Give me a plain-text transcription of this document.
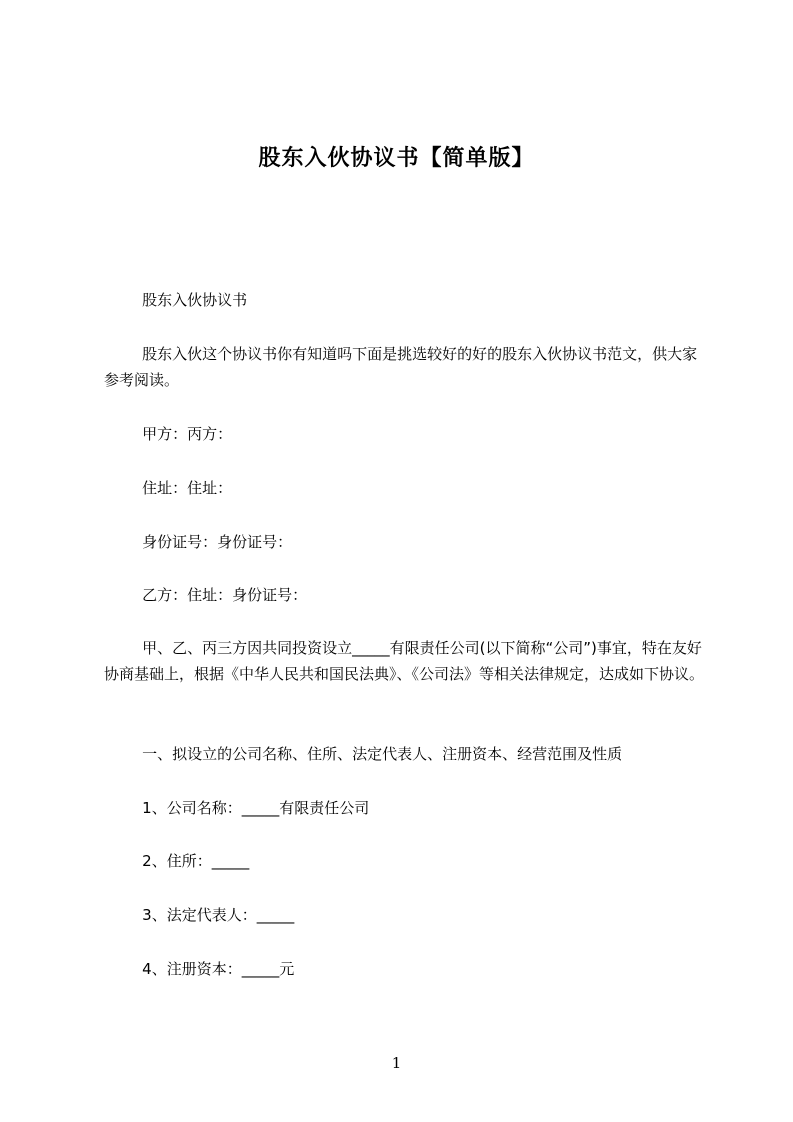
股东入伙协议书【简单版】
股东入伙协议书
股东入伙这个协议书你有知道吗下面是挑选较好的好的股东入伙协议书范文，供大家参考阅读。
甲方：丙方：
住址：住址：
身份证号：身份证号：
乙方：住址：身份证号：
甲、乙、丙三方因共同投资设立_____有限责任公司(以下简称“公司”)事宜，特在友好协商基础上，根据《中华人民共和国民法典》、《公司法》等相关法律规定，达成如下协议。
一、拟设立的公司名称、住所、法定代表人、注册资本、经营范围及性质
1、公司名称：_____有限责任公司
2、住所：_____
3、法定代表人：_____
4、注册资本：_____元
1
